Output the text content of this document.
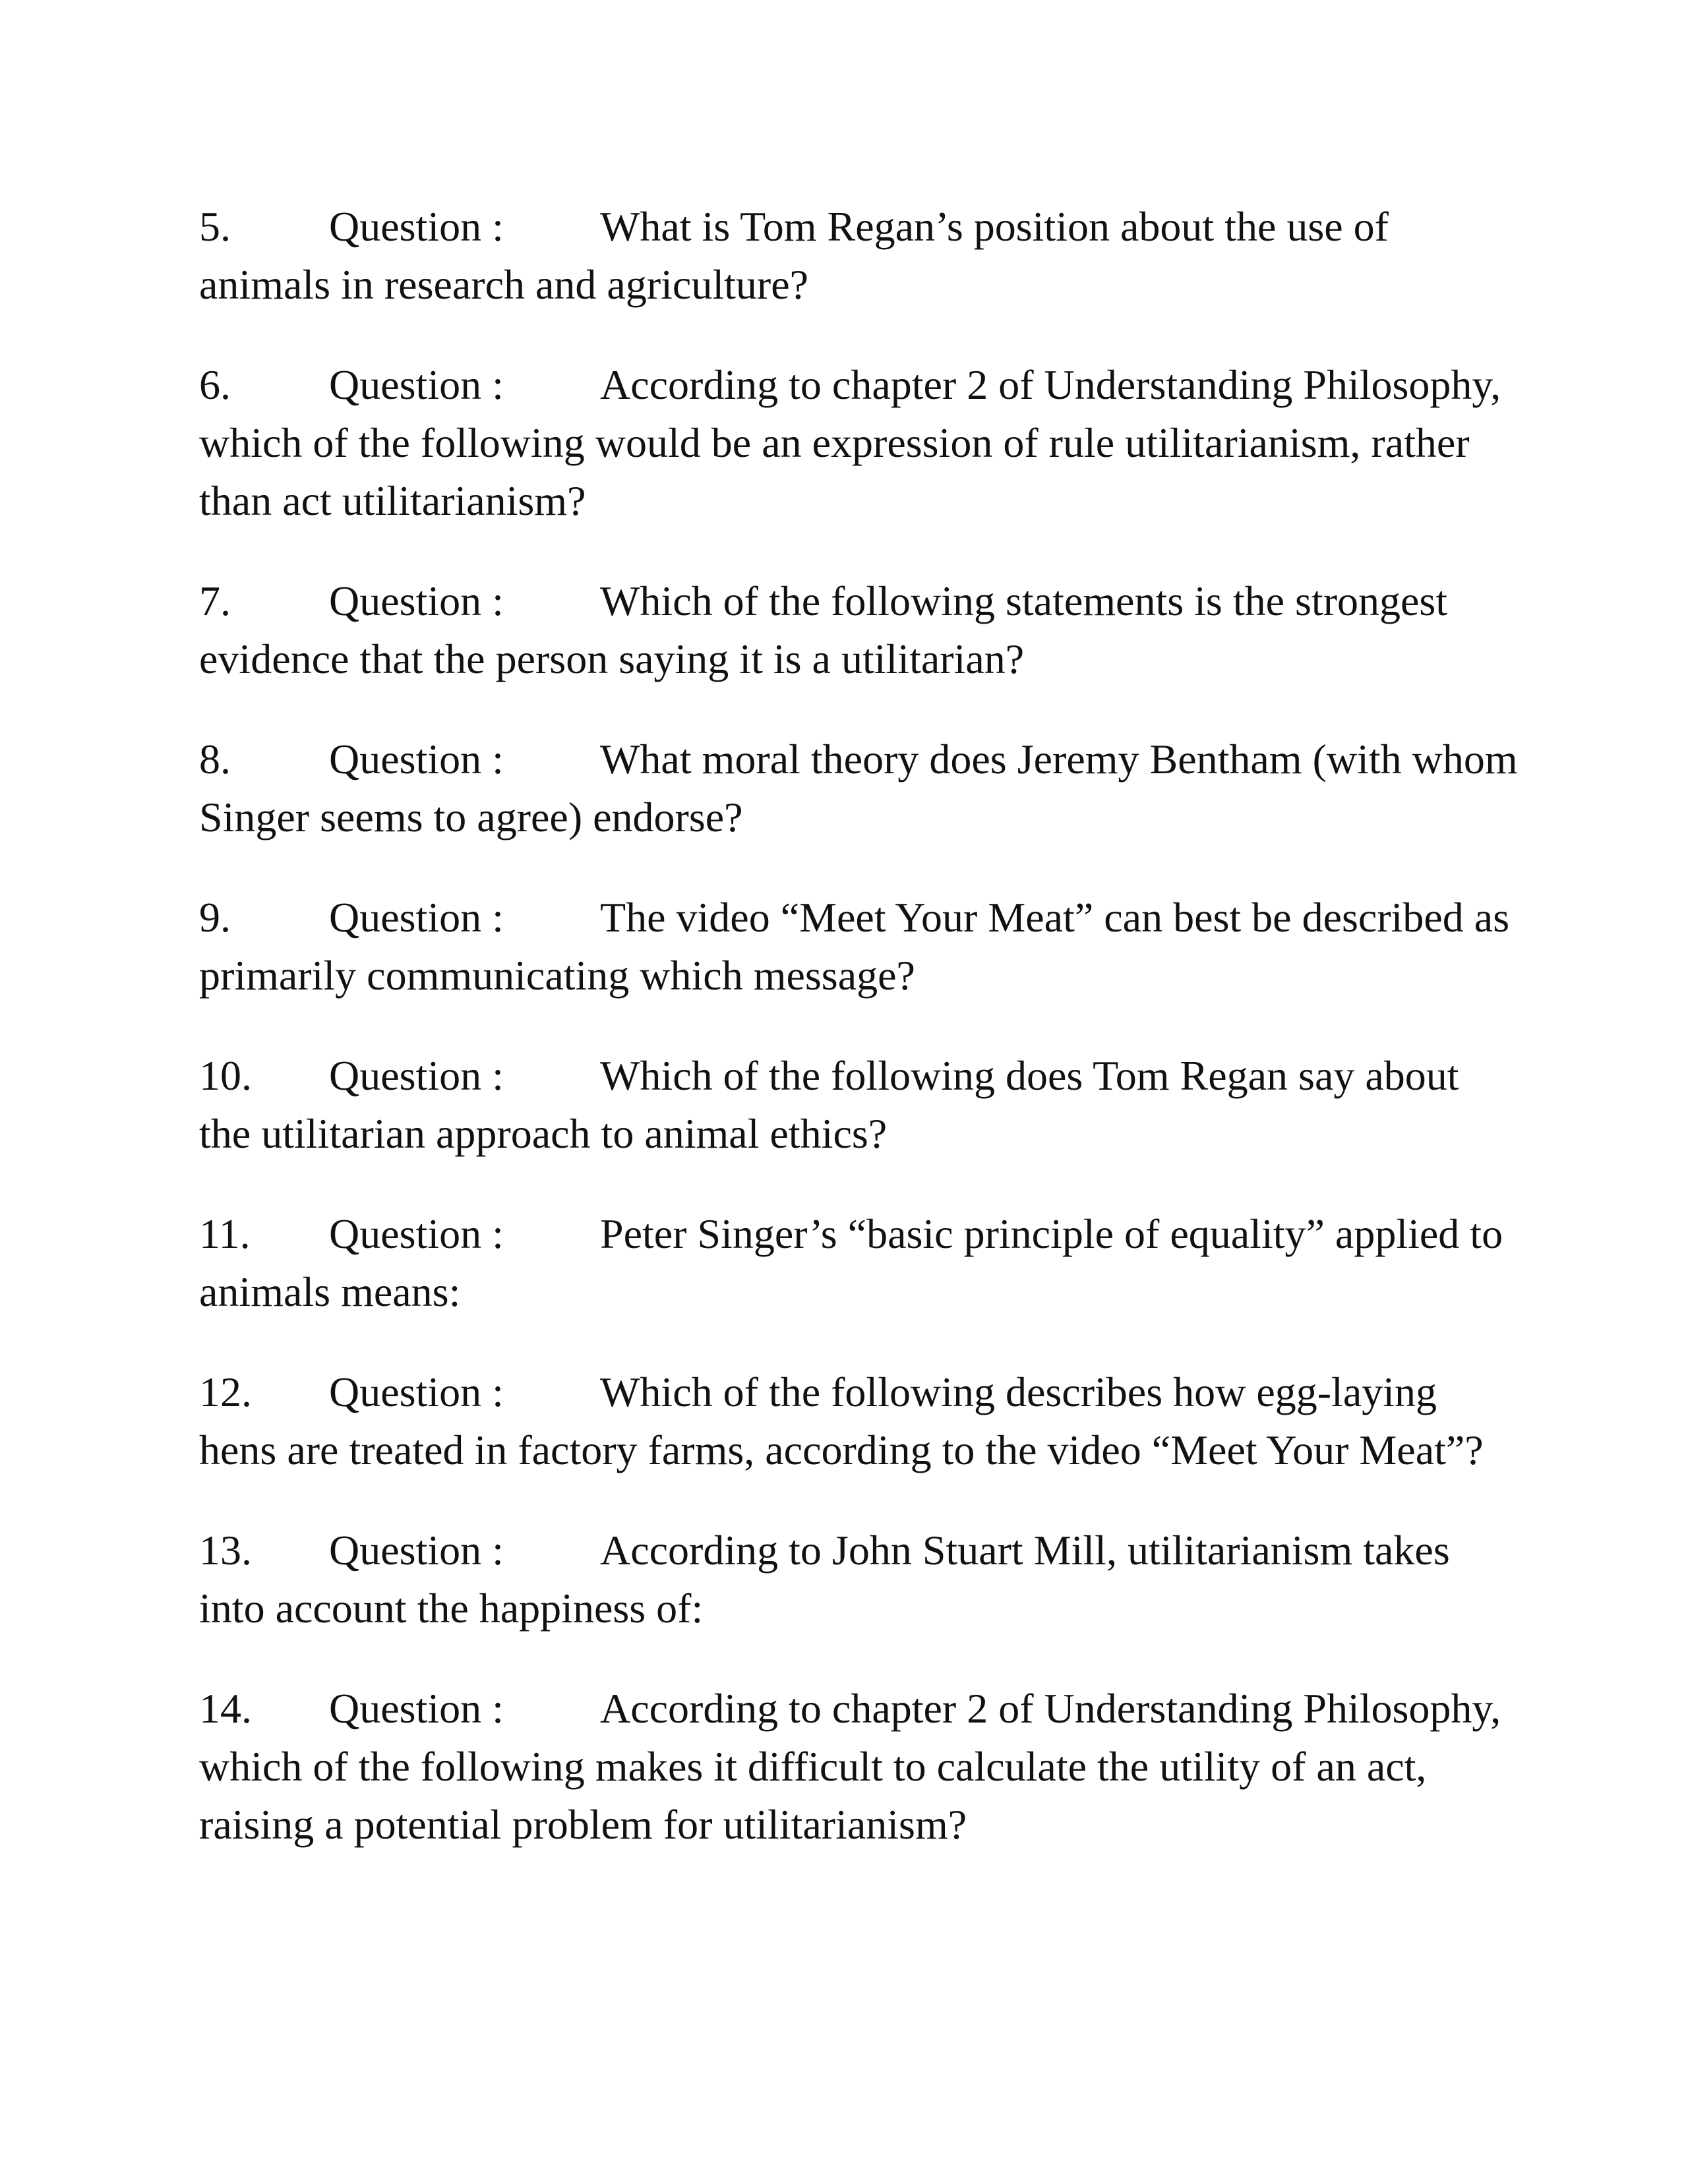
5. Question : What is Tom Regan’s position about the use of animals in research and agriculture?

6. Question : According to chapter 2 of Understanding Philosophy, which of the following would be an expression of rule utilitarianism, rather than act utilitarianism?

7. Question : Which of the following statements is the strongest evidence that the person saying it is a utilitarian?

8. Question : What moral theory does Jeremy Bentham (with whom Singer seems to agree) endorse?

9. Question : The video “Meet Your Meat” can best be described as primarily communicating which message?

10. Question : Which of the following does Tom Regan say about the utilitarian approach to animal ethics?

11. Question : Peter Singer’s “basic principle of equality” applied to animals means:

12. Question : Which of the following describes how egg-laying hens are treated in factory farms, according to the video “Meet Your Meat”?

13. Question : According to John Stuart Mill, utilitarianism takes into account the happiness of:

14. Question : According to chapter 2 of Understanding Philosophy, which of the following makes it difficult to calculate the utility of an act, raising a potential problem for utilitarianism?
